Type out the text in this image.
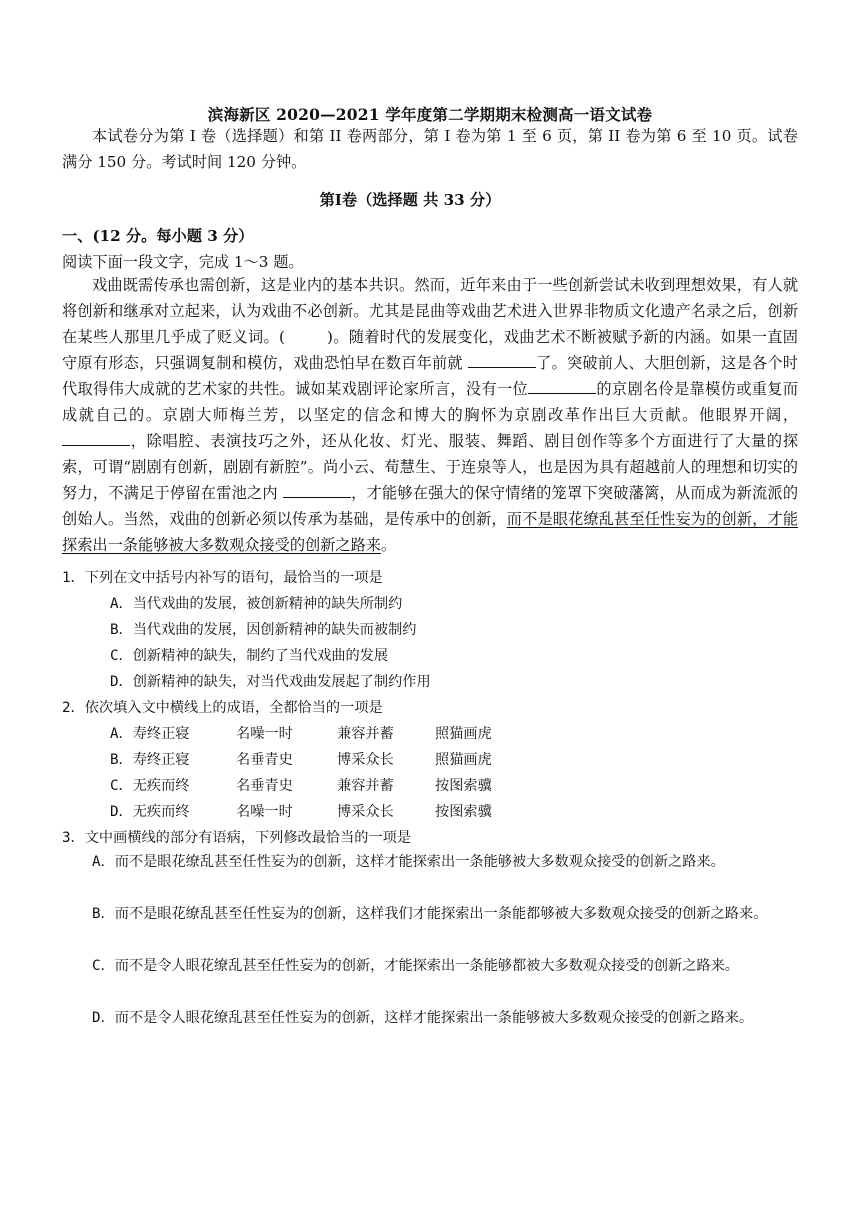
滨海新区 2020—2021 学年度第二学期期末检测高一语文试卷
本试卷分为第 I 卷（选择题）和第 II 卷两部分，第 I 卷为第 1 至 6 页，第 II 卷为第 6 至 10 页。试卷满分 150 分。考试时间 120 分钟。
第Ⅰ卷（选择题 共 33 分）
一、(12 分。每小题 3 分）
阅读下面一段文字，完成 1～3 题。
戏曲既需传承也需创新，这是业内的基本共识。然而，近年来由于一些创新尝试未收到理想效果，有人就将创新和继承对立起来，认为戏曲不必创新。尤其是昆曲等戏曲艺术进入世界非物质文化遗产名录之后，创新在某些人那里几乎成了贬义词。(	)。随着时代的发展变化，戏曲艺术不断被赋予新的内涵。如果一直固守原有形态，只强调复制和模仿，戏曲恐怕早在数百年前就	了。突破前人、大胆创新，这是各个时代取得伟大成就的艺术家的共性。诚如某戏剧评论家所言，没有一位	的京剧名伶是靠模仿或重复而成就自己的。京剧大师梅兰芳，以坚定的信念和博大的胸怀为京剧改革作出巨大贡献。他眼界开阔，，除唱腔、表演技巧之外，还从化妆、灯光、服装、舞蹈、剧目创作等多个方面进行了大量的探索，可谓“剧剧有创新，剧剧有新腔”。尚小云、荀慧生、于连泉等人，也是因为具有超越前人的理想和切实的努力，不满足于停留在雷池之内	，才能够在强大的保守情绪的笼罩下突破藩篱，从而成为新流派的创始人。当然，戏曲的创新必须以传承为基础，是传承中的创新，而不是眼花缭乱甚至任性妄为的创新，才能探索出一条能够被大多数观众接受的创新之路来。
1．下列在文中括号内补写的语句，最恰当的一项是
A．当代戏曲的发展，被创新精神的缺失所制约
B．当代戏曲的发展，因创新精神的缺失而被制约
C．创新精神的缺失，制约了当代戏曲的发展
D．创新精神的缺失，对当代戏曲发展起了制约作用
2．依次填入文中横线上的成语，全都恰当的一项是
A．寿终正寝	名噪一时	兼容并蓄	照猫画虎
B．寿终正寝	名垂青史	博采众长	照猫画虎
C．无疾而终	名垂青史	兼容并蓄	按图索骥
D．无疾而终	名噪一时	博采众长	按图索骥
3．文中画横线的部分有语病，下列修改最恰当的一项是
A．而不是眼花缭乱甚至任性妄为的创新，这样才能探索出一条能够被大多数观众接受的创新之路来。
B．而不是眼花缭乱甚至任性妄为的创新，这样我们才能探索出一条能都够被大多数观众接受的创新之路来。
C．而不是令人眼花缭乱甚至任性妄为的创新，才能探索出一条能够都被大多数观众接受的创新之路来。
D．而不是令人眼花缭乱甚至任性妄为的创新，这样才能探索出一条能够被大多数观众接受的创新之路来。
